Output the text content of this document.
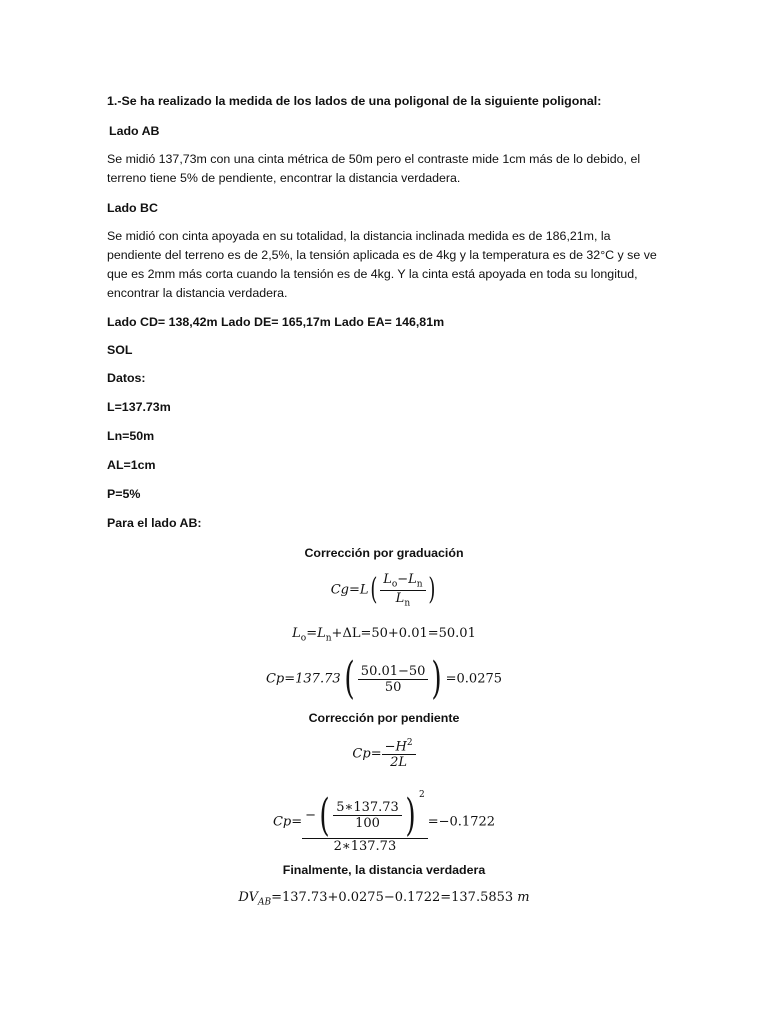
1.-Se ha realizado la medida de los lados de una poligonal de la siguiente poligonal:
Lado AB
Se midió 137,73m con una cinta métrica de 50m pero el contraste mide 1cm más de lo debido, el
terreno tiene 5% de pendiente, encontrar la distancia verdadera.
Lado BC
Se midió con cinta apoyada en su totalidad, la distancia inclinada medida es de 186,21m, la
pendiente del terreno es de 2,5%, la tensión aplicada es de 4kg y la temperatura es de 32°C y se ve
que es 2mm más corta cuando la tensión es de 4kg. Y la cinta está apoyada en toda su longitud,
encontrar la distancia verdadera.
Lado CD= 138,42m Lado DE= 165,17m Lado EA= 146,81m
SOL
Datos:
L=137.73m
Ln=50m
AL=1cm
P=5%
Para el lado AB:
Corrección por graduación
$Cg=L( \frac{L_o-L_n}{L_n}$ )
$L_o=L_n+\Delta L=50+0.01=50.01$
$Cp=137.73( \frac{50.01-50}{50}$ ) =0.0275
Corrección por pendiente
$Cp= \frac{-H^2}{2L}$
$Cp= \frac{-( \frac{5∗137.73}{100} ) ^2}{2∗137.73} =-0.1722$
Finalmente, la distancia verdadera
$DV_{AB}=137.73+0.0275-0.1722=137.5853$ m
